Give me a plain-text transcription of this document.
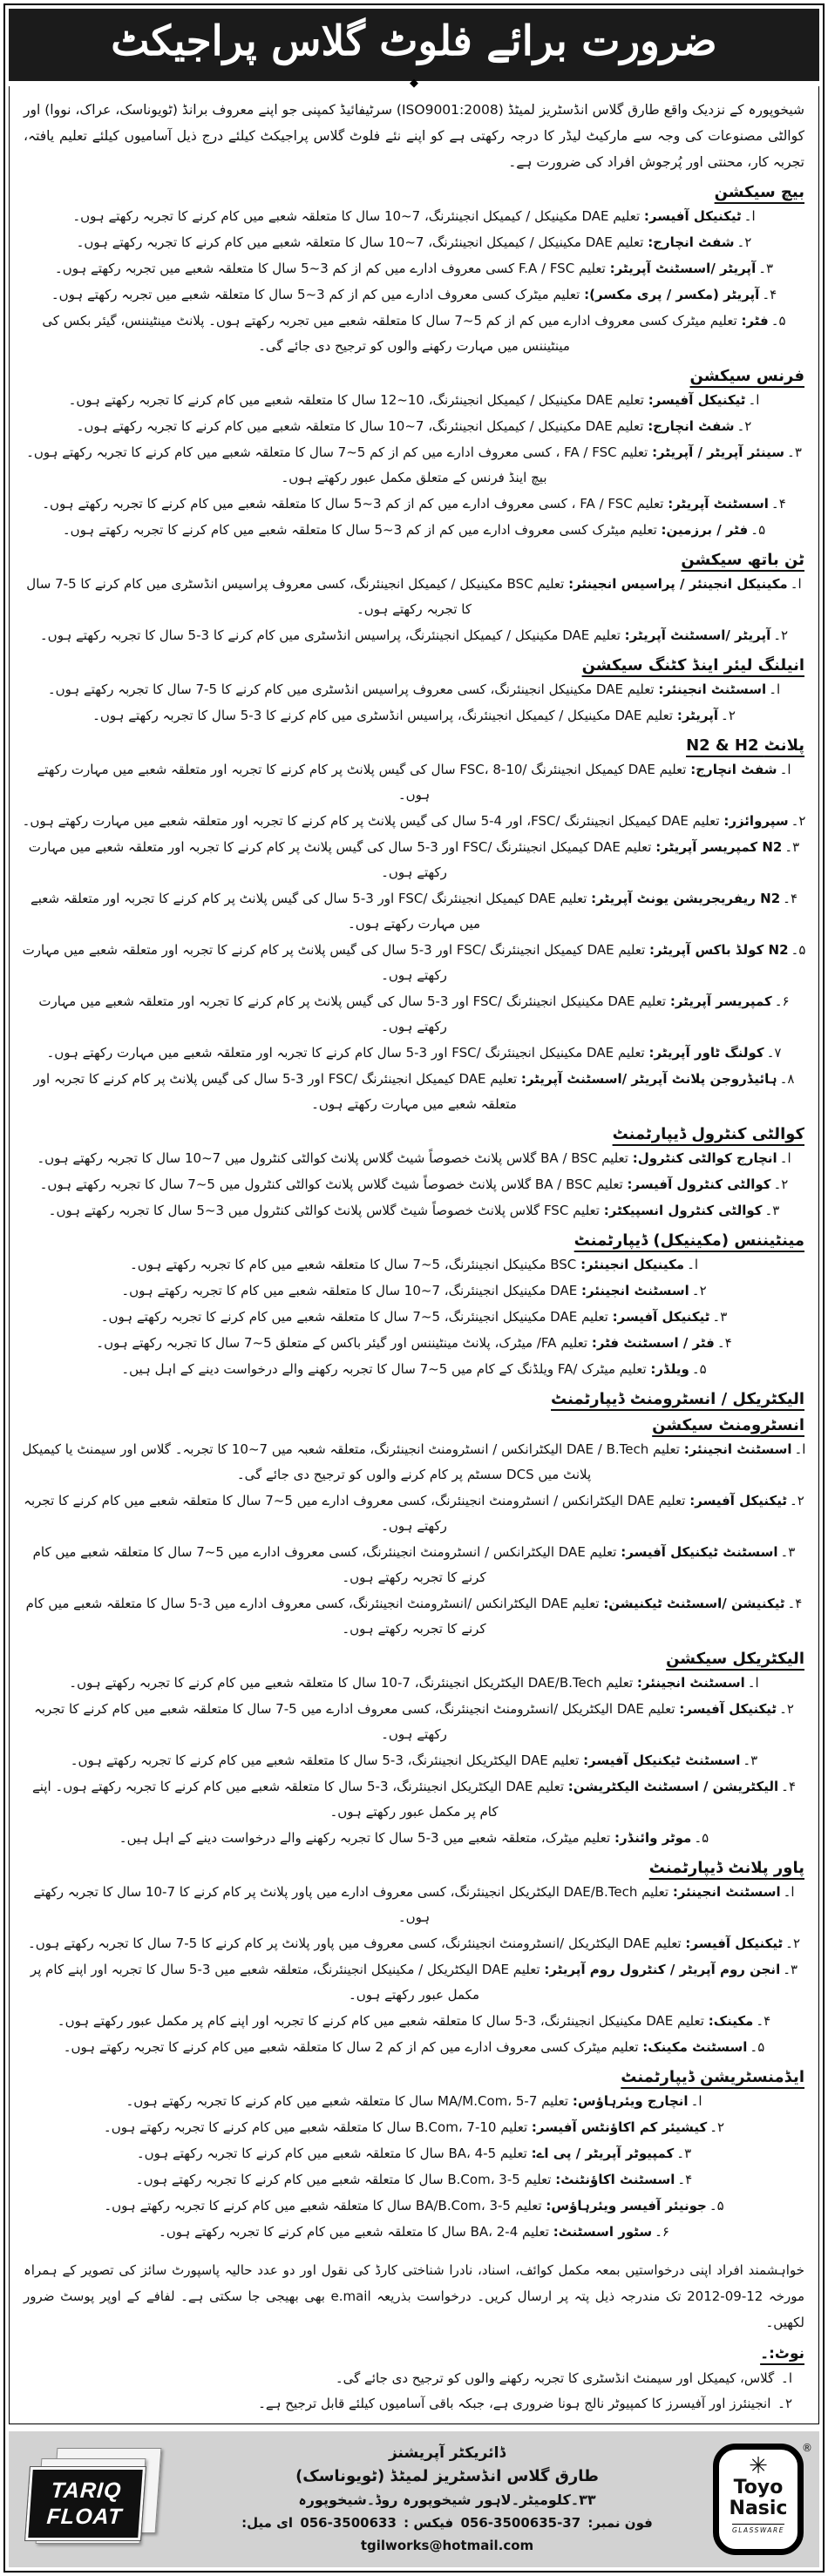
ضرورت برائے فلوٹ گلاس پراجیکٹ
◆

شیخوپورہ کے نزدیک واقع طارق گلاس انڈسٹریز لمیٹڈ (ISO9001:2008) سرٹیفائیڈ کمپنی جو اپنے معروف برانڈ (ٹویوناسک، عراک، نووا) اور کوالٹی مصنوعات کی وجہ سے مارکیٹ لیڈر کا درجہ رکھتی ہے کو اپنے نئے فلوٹ گلاس پراجیکٹ کیلئے درج ذیل آسامیوں کیلئے تعلیم یافتہ، تجربہ کار، محنتی اور پُرجوش افراد کی ضرورت ہے۔

بیچ سیکشن

ا۔ٹیکنیکل آفیسر: تعلیم DAE مکینیکل / کیمیکل انجینئرنگ، 7~10 سال کا متعلقہ شعبے میں کام کرنے کا تجربہ رکھتے ہوں۔

۲۔شفٹ انچارج: تعلیم DAE مکینیکل / کیمیکل انجینئرنگ، 7~10 سال کا متعلقہ شعبے میں کام کرنے کا تجربہ رکھتے ہوں۔

۳۔آپریٹر /اسسٹنٹ آپریٹر: تعلیم F.A / FSC کسی معروف ادارے میں کم از کم 3~5 سال کا متعلقہ شعبے میں تجربہ رکھتے ہوں۔

۴۔آپریٹر (مکسر / پری مکسر): تعلیم میٹرک کسی معروف ادارے میں کم از کم 3~5 سال کا متعلقہ شعبے میں تجربہ رکھتے ہوں۔

۵۔فٹر: تعلیم میٹرک کسی معروف ادارے میں کم از کم 5~7 سال کا متعلقہ شعبے میں تجربہ رکھتے ہوں۔ پلانٹ مینٹیننس، گیئر بکس کی مینٹیننس میں مہارت رکھنے والوں کو ترجیح دی جائے گی۔

فرنس سیکشن

ا۔ٹیکنیکل آفیسر: تعلیم DAE مکینیکل / کیمیکل انجینئرنگ، 10~12 سال کا متعلقہ شعبے میں کام کرنے کا تجربہ رکھتے ہوں۔

۲۔شفٹ انچارج: تعلیم DAE مکینیکل / کیمیکل انجینئرنگ، 7~10 سال کا متعلقہ شعبے میں کام کرنے کا تجربہ رکھتے ہوں۔

۳۔سینئر آپریٹر / آپریٹر: تعلیم FA / FSC ، کسی معروف ادارے میں کم از کم 5~7 سال کا متعلقہ شعبے میں کام کرنے کا تجربہ رکھتے ہوں۔ بیچ اینڈ فرنس کے متعلق مکمل عبور رکھتے ہوں۔

۴۔اسسٹنٹ آپریٹر: تعلیم FA / FSC ، کسی معروف ادارے میں کم از کم 3~5 سال کا متعلقہ شعبے میں کام کرنے کا تجربہ رکھتے ہوں۔

۵۔فٹر / برزمین: تعلیم میٹرک کسی معروف ادارے میں کم از کم 3~5 سال کا متعلقہ شعبے میں کام کرنے کا تجربہ رکھتے ہوں۔

ٹن باتھ سیکشن

ا۔مکینیکل انجینئر / پراسیس انجینئر: تعلیم BSC مکینیکل / کیمیکل انجینئرنگ، کسی معروف پراسیس انڈسٹری میں کام کرنے کا 5-7 سال کا تجربہ رکھتے ہوں۔

۲۔آپریٹر /اسسٹنٹ آپریٹر: تعلیم DAE مکینیکل / کیمیکل انجینئرنگ، پراسیس انڈسٹری میں کام کرنے کا 3-5 سال کا تجربہ رکھتے ہوں۔

انیلنگ لیئر اینڈ کٹنگ سیکشن

ا۔اسسٹنٹ انجینئر: تعلیم DAE مکینیکل انجینئرنگ، کسی معروف پراسیس انڈسٹری میں کام کرنے کا 5-7 سال کا تجربہ رکھتے ہوں۔

۲۔آپریٹر: تعلیم DAE مکینیکل / کیمیکل انجینئرنگ، پراسیس انڈسٹری میں کام کرنے کا 3-5 سال کا تجربہ رکھتے ہوں۔

N2 & H2 پلانٹ

ا۔شفٹ انچارج: تعلیم DAE کیمیکل انجینئرنگ /FSC، 8-10 سال کی گیس پلانٹ پر کام کرنے کا تجربہ اور متعلقہ شعبے میں مہارت رکھتے ہوں۔

۲۔سپروائزر: تعلیم DAE کیمیکل انجینئرنگ /FSC، اور 4-5 سال کی گیس پلانٹ پر کام کرنے کا تجربہ اور متعلقہ شعبے میں مہارت رکھتے ہوں۔

۳۔N2 کمپریسر آپریٹر: تعلیم DAE کیمیکل انجینئرنگ /FSC اور 3-5 سال کی گیس پلانٹ پر کام کرنے کا تجربہ اور متعلقہ شعبے میں مہارت رکھتے ہوں۔

۴۔N2 ریفریجریشن یونٹ آپریٹر: تعلیم DAE کیمیکل انجینئرنگ /FSC اور 3-5 سال کی گیس پلانٹ پر کام کرنے کا تجربہ اور متعلقہ شعبے میں مہارت رکھتے ہوں۔

۵۔N2 کولڈ باکس آپریٹر: تعلیم DAE کیمیکل انجینئرنگ /FSC اور 3-5 سال کی گیس پلانٹ پر کام کرنے کا تجربہ اور متعلقہ شعبے میں مہارت رکھتے ہوں۔

۶۔کمپریسر آپریٹر: تعلیم DAE مکینیکل انجینئرنگ /FSC اور 3-5 سال کی گیس پلانٹ پر کام کرنے کا تجربہ اور متعلقہ شعبے میں مہارت رکھتے ہوں۔

۷۔کولنگ ٹاور آپریٹر: تعلیم DAE مکینیکل انجینئرنگ /FSC اور 3-5 سال کام کرنے کا تجربہ اور متعلقہ شعبے میں مہارت رکھتے ہوں۔

۸۔ہائیڈروجن پلانٹ آپریٹر /اسسٹنٹ آپریٹر: تعلیم DAE کیمیکل انجینئرنگ /FSC اور 3-5 سال کی گیس پلانٹ پر کام کرنے کا تجربہ اور متعلقہ شعبے میں مہارت رکھتے ہوں۔

کوالٹی کنٹرول ڈیپارٹمنٹ

ا۔انچارج کوالٹی کنٹرول: تعلیم BA / BSC گلاس پلانٹ خصوصاً شیٹ گلاس پلانٹ کوالٹی کنٹرول میں 7~10 سال کا تجربہ رکھتے ہوں۔

۲۔کوالٹی کنٹرول آفیسر: تعلیم BA / BSC گلاس پلانٹ خصوصاً شیٹ گلاس پلانٹ کوالٹی کنٹرول میں 5~7 سال کا تجربہ رکھتے ہوں۔

۳۔کوالٹی کنٹرول انسپیکٹر: تعلیم FSC گلاس پلانٹ خصوصاً شیٹ گلاس پلانٹ کوالٹی کنٹرول میں 3~5 سال کا تجربہ رکھتے ہوں۔

مینٹیننس (مکینیکل) ڈیپارٹمنٹ

ا۔مکینیکل انجینئر: BSC مکینیکل انجینئرنگ، 5~7 سال کا متعلقہ شعبے میں کام کا تجربہ رکھتے ہوں۔

۲۔اسسٹنٹ انجینئر: DAE مکینیکل انجینئرنگ، 7~10 سال کا متعلقہ شعبے میں کام کا تجربہ رکھتے ہوں۔

۳۔ٹیکنیکل آفیسر: تعلیم DAE مکینیکل انجینئرنگ، 5~7 سال کا متعلقہ شعبے میں کام کرنے کا تجربہ رکھتے ہوں۔

۴۔فٹر / اسسٹنٹ فٹر: تعلیم FA/ میٹرک، پلانٹ مینٹیننس اور گیئر باکس کے متعلق 5~7 سال کا تجربہ رکھتے ہوں۔

۵۔ویلڈر: تعلیم میٹرک /FA ویلڈنگ کے کام میں 5~7 سال کا تجربہ رکھنے والے درخواست دینے کے اہل ہیں۔

الیکٹریکل / انسٹرومنٹ ڈیپارٹمنٹ
انسٹرومنٹ سیکشن

ا۔اسسٹنٹ انجینئر: تعلیم DAE / B.Tech الیکٹرانکس / انسٹرومنٹ انجینئرنگ، متعلقہ شعبہ میں 7~10 کا تجربہ۔ گلاس اور سیمنٹ یا کیمیکل پلانٹ میں DCS سسٹم پر کام کرنے والوں کو ترجیح دی جائے گی۔

۲۔ٹیکنیکل آفیسر: تعلیم DAE الیکٹرانکس / انسٹرومنٹ انجینئرنگ، کسی معروف ادارے میں 5~7 سال کا متعلقہ شعبے میں کام کرنے کا تجربہ رکھتے ہوں۔

۳۔اسسٹنٹ ٹیکنیکل آفیسر: تعلیم DAE الیکٹرانکس / انسٹرومنٹ انجینئرنگ، کسی معروف ادارے میں 5~7 سال کا متعلقہ شعبے میں کام کرنے کا تجربہ رکھتے ہوں۔

۴۔ٹیکنیشن /اسسٹنٹ ٹیکنیشن: تعلیم DAE الیکٹرانکس /انسٹرومنٹ انجینئرنگ، کسی معروف ادارے میں 3-5 سال کا متعلقہ شعبے میں کام کرنے کا تجربہ رکھتے ہوں۔

الیکٹریکل سیکشن

ا۔اسسٹنٹ انجینئر: تعلیم DAE/B.Tech الیکٹریکل انجینئرنگ، 7-10 سال کا متعلقہ شعبے میں کام کرنے کا تجربہ رکھتے ہوں۔

۲۔ٹیکنیکل آفیسر: تعلیم DAE الیکٹریکل /انسٹرومنٹ انجینئرنگ، کسی معروف ادارے میں 5-7 سال کا متعلقہ شعبے میں کام کرنے کا تجربہ رکھتے ہوں۔

۳۔اسسٹنٹ ٹیکنیکل آفیسر: تعلیم DAE الیکٹریکل انجینئرنگ، 3-5 سال کا متعلقہ شعبے میں کام کرنے کا تجربہ رکھتے ہوں۔

۴۔الیکٹریشن / اسسٹنٹ الیکٹریشن: تعلیم DAE الیکٹریکل انجینئرنگ، 3-5 سال کا متعلقہ شعبے میں کام کرنے کا تجربہ رکھتے ہوں۔ اپنے کام پر مکمل عبور رکھتے ہوں۔

۵۔موٹر وائنڈر: تعلیم میٹرک، متعلقہ شعبے میں 3-5 سال کا تجربہ رکھنے والے درخواست دینے کے اہل ہیں۔

پاور پلانٹ ڈیپارٹمنٹ

ا۔اسسٹنٹ انجینئر: تعلیم DAE/B.Tech الیکٹریکل انجینئرنگ، کسی معروف ادارے میں پاور پلانٹ پر کام کرنے کا 7-10 سال کا تجربہ رکھتے ہوں۔

۲۔ٹیکنیکل آفیسر: تعلیم DAE الیکٹریکل /انسٹرومنٹ انجینئرنگ، کسی معروف میں پاور پلانٹ پر کام کرنے کا 5-7 سال کا تجربہ رکھتے ہوں۔

۳۔انجن روم آپریٹر / کنٹرول روم آپریٹر: تعلیم DAE الیکٹریکل / مکینیکل انجینئرنگ، متعلقہ شعبے میں 3-5 سال کا تجربہ اور اپنے کام پر مکمل عبور رکھتے ہوں۔

۴۔مکینک: تعلیم DAE مکینیکل انجینئرنگ، 3-5 سال کا متعلقہ شعبے میں کام کرنے کا تجربہ اور اپنے کام پر مکمل عبور رکھتے ہوں۔

۵۔اسسٹنٹ مکینک: تعلیم میٹرک کسی معروف ادارے میں کم از کم 2 سال کا متعلقہ شعبے میں کام کرنے کا تجربہ رکھتے ہوں۔

ایڈمنسٹریشن ڈیپارٹمنٹ

ا۔انچارج ویئرہاؤس: تعلیم MA/M.Com، 5-7 سال کا متعلقہ شعبے میں کام کرنے کا تجربہ رکھتے ہوں۔

۲۔کیشیئر کم اکاؤنٹس آفیسر: تعلیم B.Com، 7-10 سال کا متعلقہ شعبے میں کام کرنے کا تجربہ رکھتے ہوں۔

۳۔کمپیوٹر آپریٹر / پی اے: تعلیم BA، 4-5 سال کا متعلقہ شعبے میں کام کرنے کا تجربہ رکھتے ہوں۔

۴۔اسسٹنٹ اکاؤنٹنٹ: تعلیم B.Com، 3-5 سال کا متعلقہ شعبے میں کام کرنے کا تجربہ رکھتے ہوں۔

۵۔جونیئر آفیسر ویئرہاؤس: تعلیم BA/B.Com، 3-5 سال کا متعلقہ شعبے میں کام کرنے کا تجربہ رکھتے ہوں۔

۶۔سٹور اسسٹنٹ: تعلیم BA، 2-4 سال کا متعلقہ شعبے میں کام کرنے کا تجربہ رکھتے ہوں۔

خواہشمند افراد اپنی درخواستیں بمعہ مکمل کوائف، اسناد، نادرا شناختی کارڈ کی نقول اور دو عدد حالیہ پاسپورٹ سائز کی تصویر کے ہمراہ مورخہ 12-09-2012 تک مندرجہ ذیل پتہ پر ارسال کریں۔ درخواست بذریعہ e.mail بھی بھیجی جا سکتی ہے۔ لفافے کے اوپر پوسٹ ضرور لکھیں۔

نوٹ:۔

ا۔ گلاس، کیمیکل اور سیمنٹ انڈسٹری کا تجربہ رکھنے والوں کو ترجیح دی جائے گی۔

۲۔ انجینئرز اور آفیسرز کا کمپیوٹر نالج ہونا ضروری ہے، جبکہ باقی آسامیوں کیلئے قابل ترجیح ہے۔

TARIQ
FLOAT
ڈائریکٹر آپریشنز
طارق گلاس انڈسٹریز لمیٹڈ (ٹویوناسک)
۳۳۔کلومیٹر۔لاہور شیخوپورہ روڈ۔شیخوپورہ
فون نمبر: 056-3500635-37 فیکس : 056-3500633 ای میل: tgilworks@hotmail.com
®
✳
Toyo
Nasic
GLASSWARE
